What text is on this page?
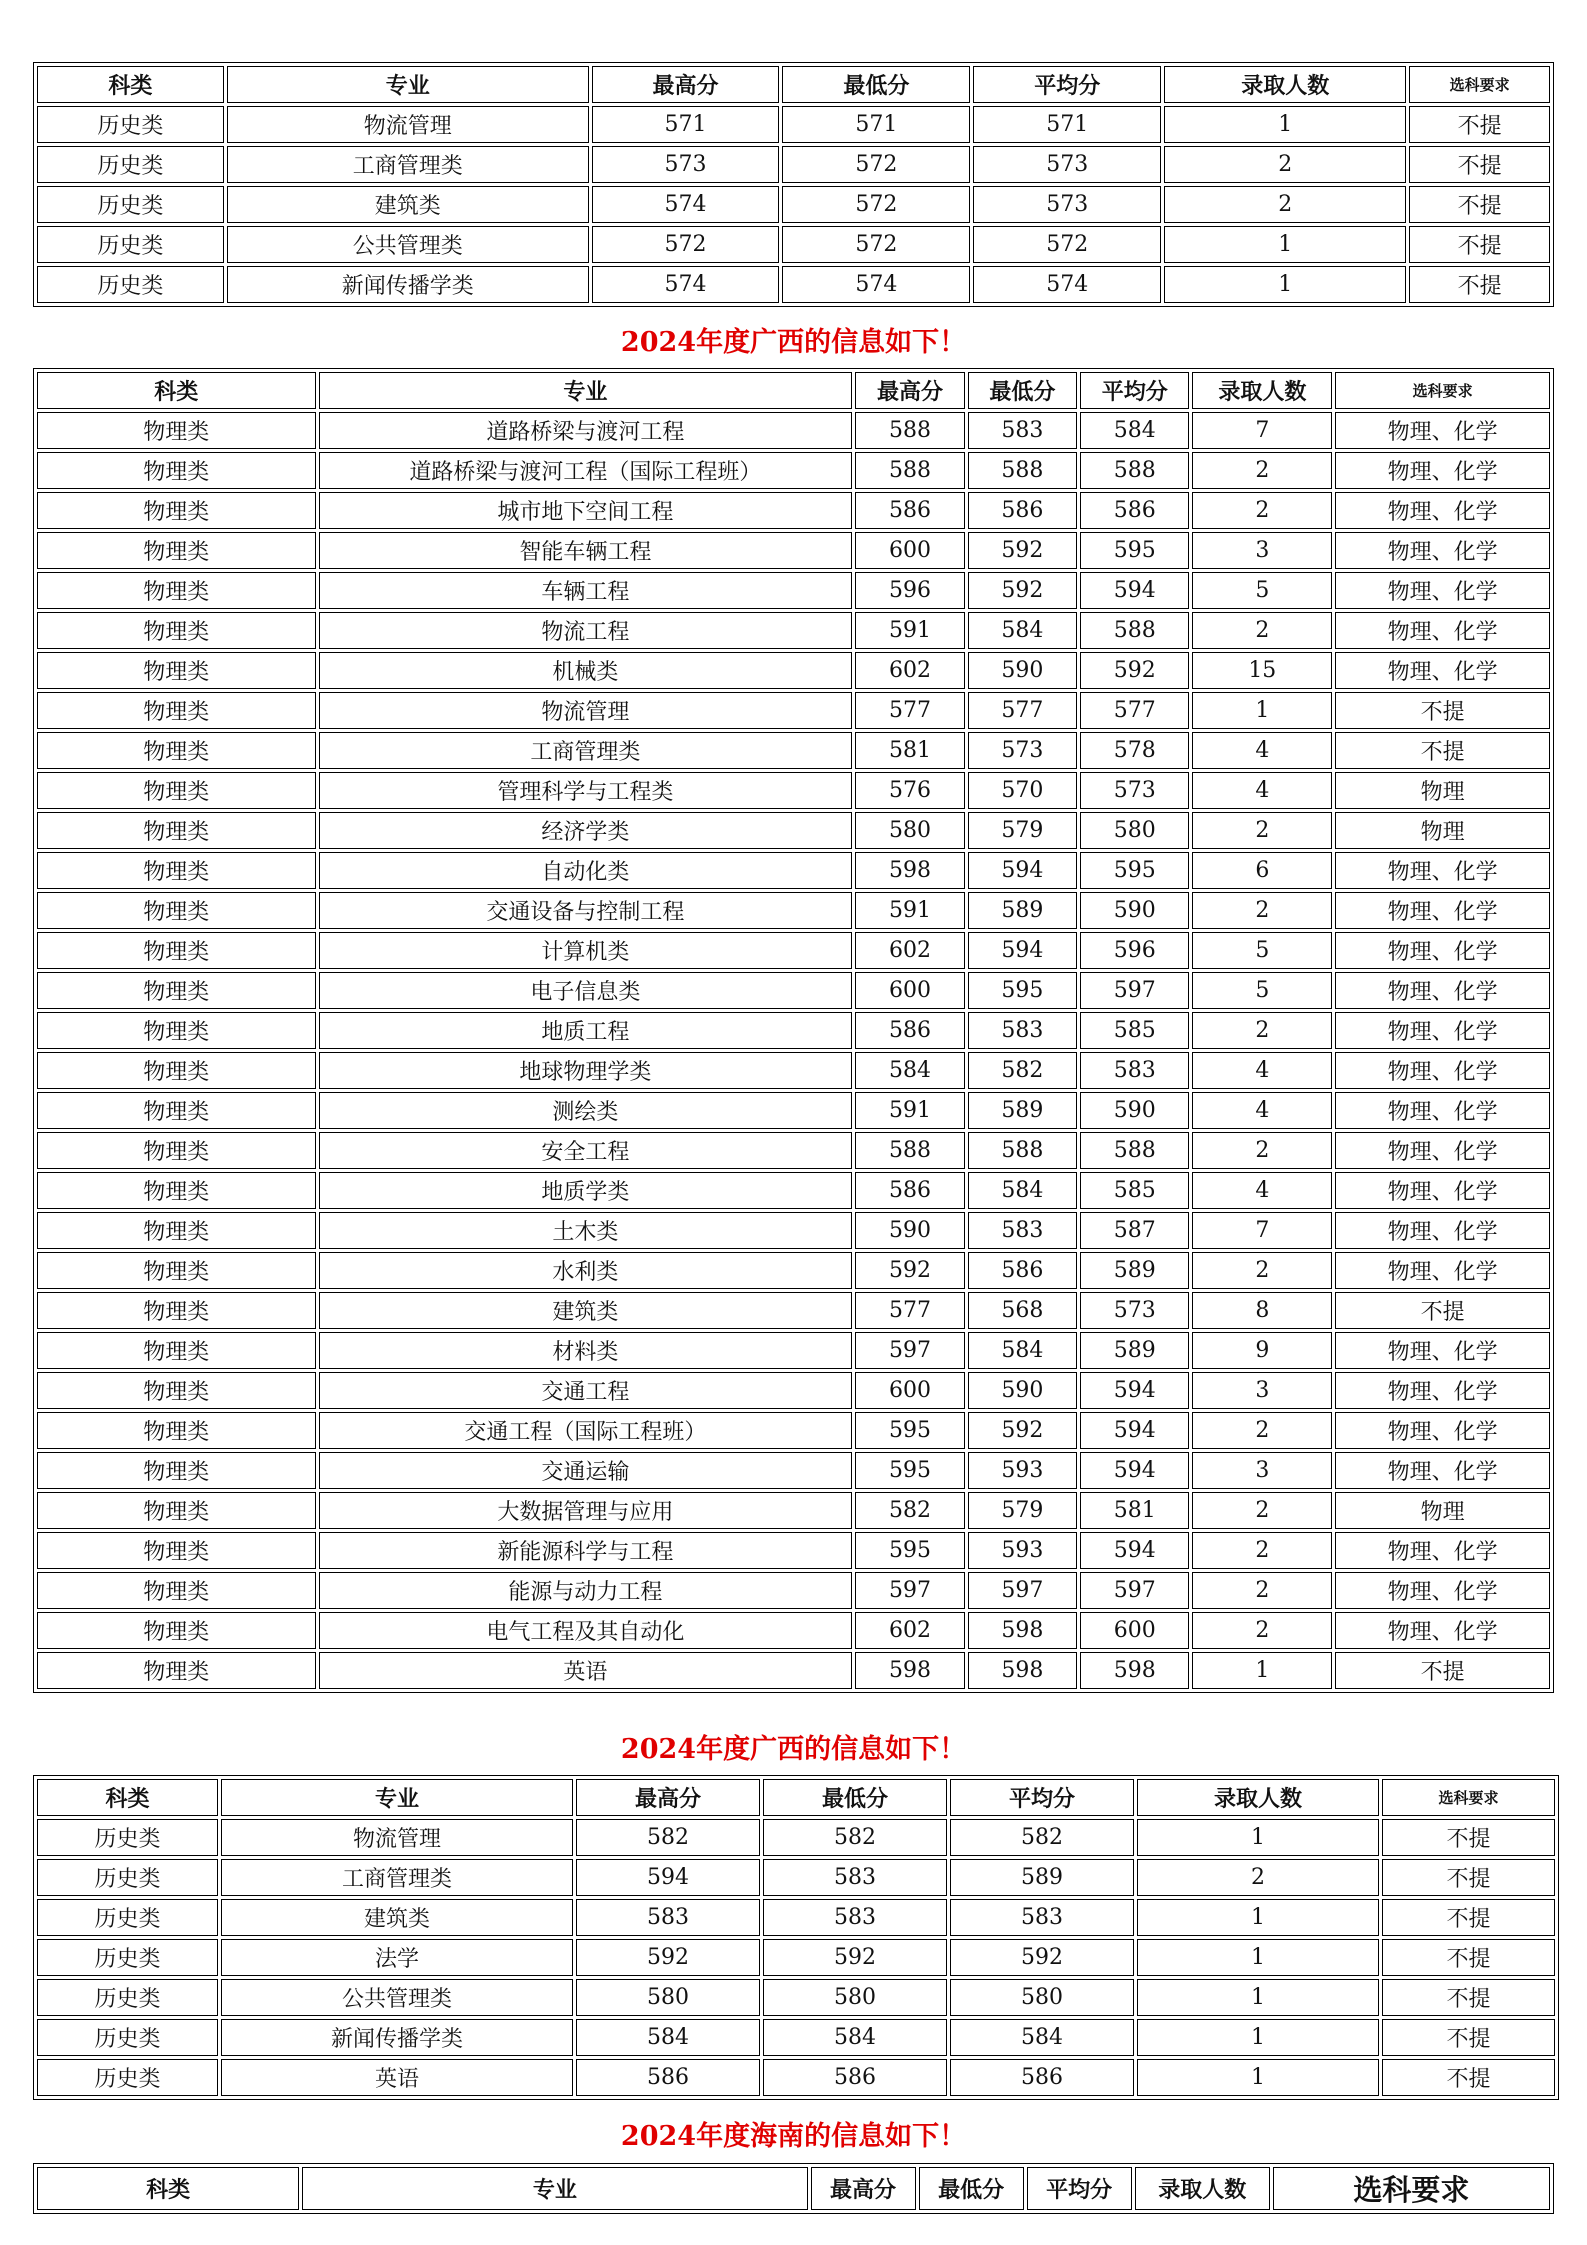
科类	专业	最高分	最低分	平均分	录取人数	选科要求
历史类	物流管理	571	571	571	1	不提
历史类	工商管理类	573	572	573	2	不提
历史类	建筑类	574	572	573	2	不提
历史类	公共管理类	572	572	572	1	不提
历史类	新闻传播学类	574	574	574	1	不提
2024年度广西的信息如下！
科类	专业	最高分	最低分	平均分	录取人数	选科要求
物理类	道路桥梁与渡河工程	588	583	584	7	物理、化学
物理类	道路桥梁与渡河工程（国际工程班）	588	588	588	2	物理、化学
物理类	城市地下空间工程	586	586	586	2	物理、化学
物理类	智能车辆工程	600	592	595	3	物理、化学
物理类	车辆工程	596	592	594	5	物理、化学
物理类	物流工程	591	584	588	2	物理、化学
物理类	机械类	602	590	592	15	物理、化学
物理类	物流管理	577	577	577	1	不提
物理类	工商管理类	581	573	578	4	不提
物理类	管理科学与工程类	576	570	573	4	物理
物理类	经济学类	580	579	580	2	物理
物理类	自动化类	598	594	595	6	物理、化学
物理类	交通设备与控制工程	591	589	590	2	物理、化学
物理类	计算机类	602	594	596	5	物理、化学
物理类	电子信息类	600	595	597	5	物理、化学
物理类	地质工程	586	583	585	2	物理、化学
物理类	地球物理学类	584	582	583	4	物理、化学
物理类	测绘类	591	589	590	4	物理、化学
物理类	安全工程	588	588	588	2	物理、化学
物理类	地质学类	586	584	585	4	物理、化学
物理类	土木类	590	583	587	7	物理、化学
物理类	水利类	592	586	589	2	物理、化学
物理类	建筑类	577	568	573	8	不提
物理类	材料类	597	584	589	9	物理、化学
物理类	交通工程	600	590	594	3	物理、化学
物理类	交通工程（国际工程班）	595	592	594	2	物理、化学
物理类	交通运输	595	593	594	3	物理、化学
物理类	大数据管理与应用	582	579	581	2	物理
物理类	新能源科学与工程	595	593	594	2	物理、化学
物理类	能源与动力工程	597	597	597	2	物理、化学
物理类	电气工程及其自动化	602	598	600	2	物理、化学
物理类	英语	598	598	598	1	不提
2024年度广西的信息如下！
科类	专业	最高分	最低分	平均分	录取人数	选科要求
历史类	物流管理	582	582	582	1	不提
历史类	工商管理类	594	583	589	2	不提
历史类	建筑类	583	583	583	1	不提
历史类	法学	592	592	592	1	不提
历史类	公共管理类	580	580	580	1	不提
历史类	新闻传播学类	584	584	584	1	不提
历史类	英语	586	586	586	1	不提
2024年度海南的信息如下！
科类	专业	最高分	最低分	平均分	录取人数	选科要求
